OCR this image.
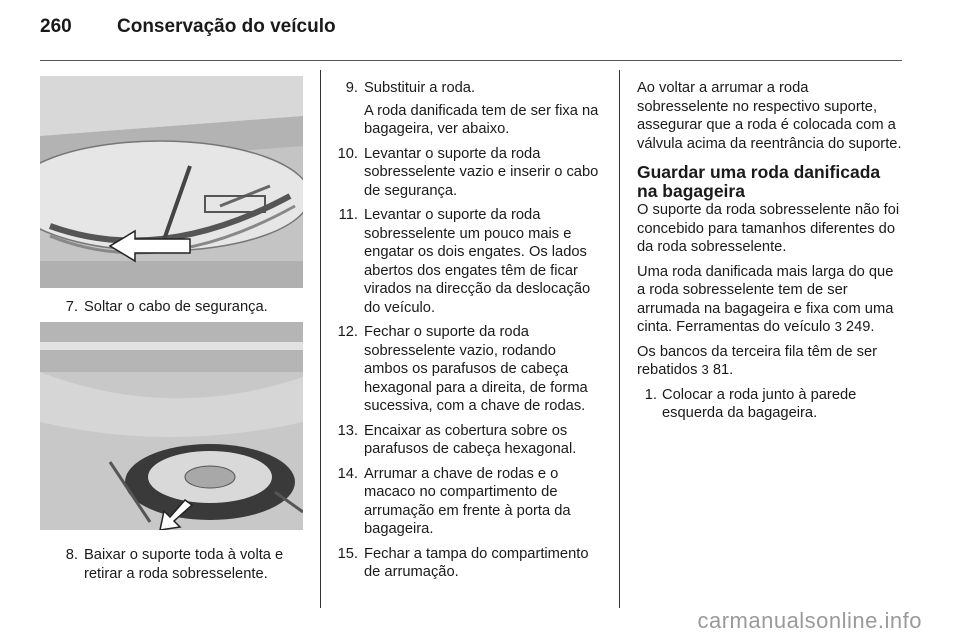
260 Conservação do veículo
7. Soltar o cabo de segurança.
8. Baixar o suporte toda à volta e retirar a roda sobresselente.
9. Substituir a roda.
A roda danificada tem de ser fixa na bagageira, ver abaixo.
10. Levantar o suporte da roda sobresselente vazio e inserir o cabo de segurança.
11. Levantar o suporte da roda sobresselente um pouco mais e engatar os dois engates. Os lados abertos dos engates têm de ficar virados na direcção da deslocação do veículo.
12. Fechar o suporte da roda sobresselente vazio, rodando ambos os parafusos de cabeça hexagonal para a direita, de forma sucessiva, com a chave de rodas.
13. Encaixar as cobertura sobre os parafusos de cabeça hexagonal.
14. Arrumar a chave de rodas e o macaco no compartimento de arrumação em frente à porta da bagageira.
15. Fechar a tampa do compartimento de arrumação.

Ao voltar a arrumar a roda sobresselente no respectivo suporte, assegurar que a roda é colocada com a válvula acima da reentrância do suporte.

Guardar uma roda danificada na bagageira

O suporte da roda sobresselente não foi concebido para tamanhos diferentes do da roda sobresselente.

Uma roda danificada mais larga do que a roda sobresselente tem de ser arrumada na bagageira e fixa com uma cinta. Ferramentas do veículo 3 249.

Os bancos da terceira fila têm de ser rebatidos 3 81.

1. Colocar a roda junto à parede esquerda da bagageira.
carmanualsonline.info
